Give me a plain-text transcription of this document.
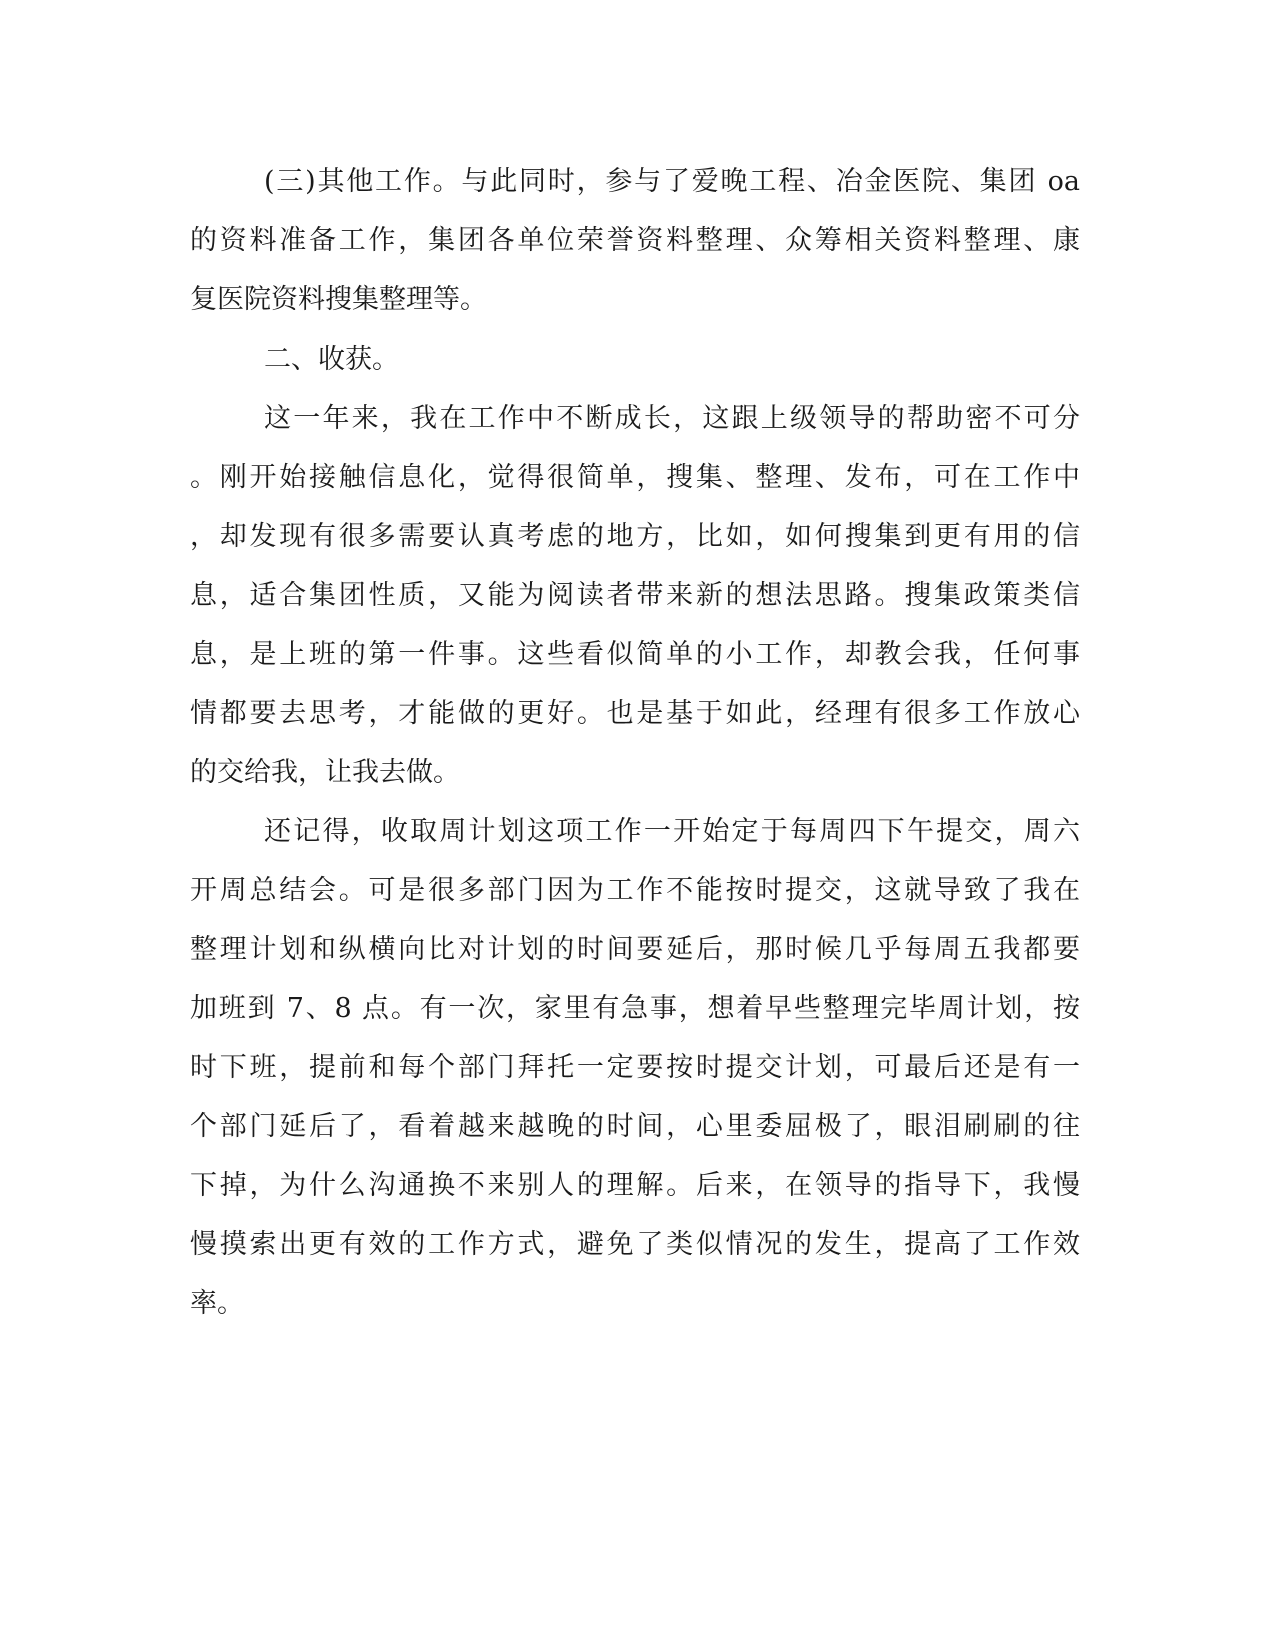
(三)其他工作。与此同时，参与了爱晚工程、冶金医院、集团 oa

的资料准备工作，集团各单位荣誉资料整理、众筹相关资料整理、康

复医院资料搜集整理等。

二、收获。

这一年来，我在工作中不断成长，这跟上级领导的帮助密不可分

。刚开始接触信息化，觉得很简单，搜集、整理、发布，可在工作中

，却发现有很多需要认真考虑的地方，比如，如何搜集到更有用的信

息，适合集团性质，又能为阅读者带来新的想法思路。搜集政策类信

息，是上班的第一件事。这些看似简单的小工作，却教会我，任何事

情都要去思考，才能做的更好。也是基于如此，经理有很多工作放心

的交给我，让我去做。

还记得，收取周计划这项工作一开始定于每周四下午提交，周六

开周总结会。可是很多部门因为工作不能按时提交，这就导致了我在

整理计划和纵横向比对计划的时间要延后，那时候几乎每周五我都要

加班到 7、8 点。有一次，家里有急事，想着早些整理完毕周计划，按

时下班，提前和每个部门拜托一定要按时提交计划，可最后还是有一

个部门延后了，看着越来越晚的时间，心里委屈极了，眼泪刷刷的往

下掉，为什么沟通换不来别人的理解。后来，在领导的指导下，我慢

慢摸索出更有效的工作方式，避免了类似情况的发生，提高了工作效

率。
